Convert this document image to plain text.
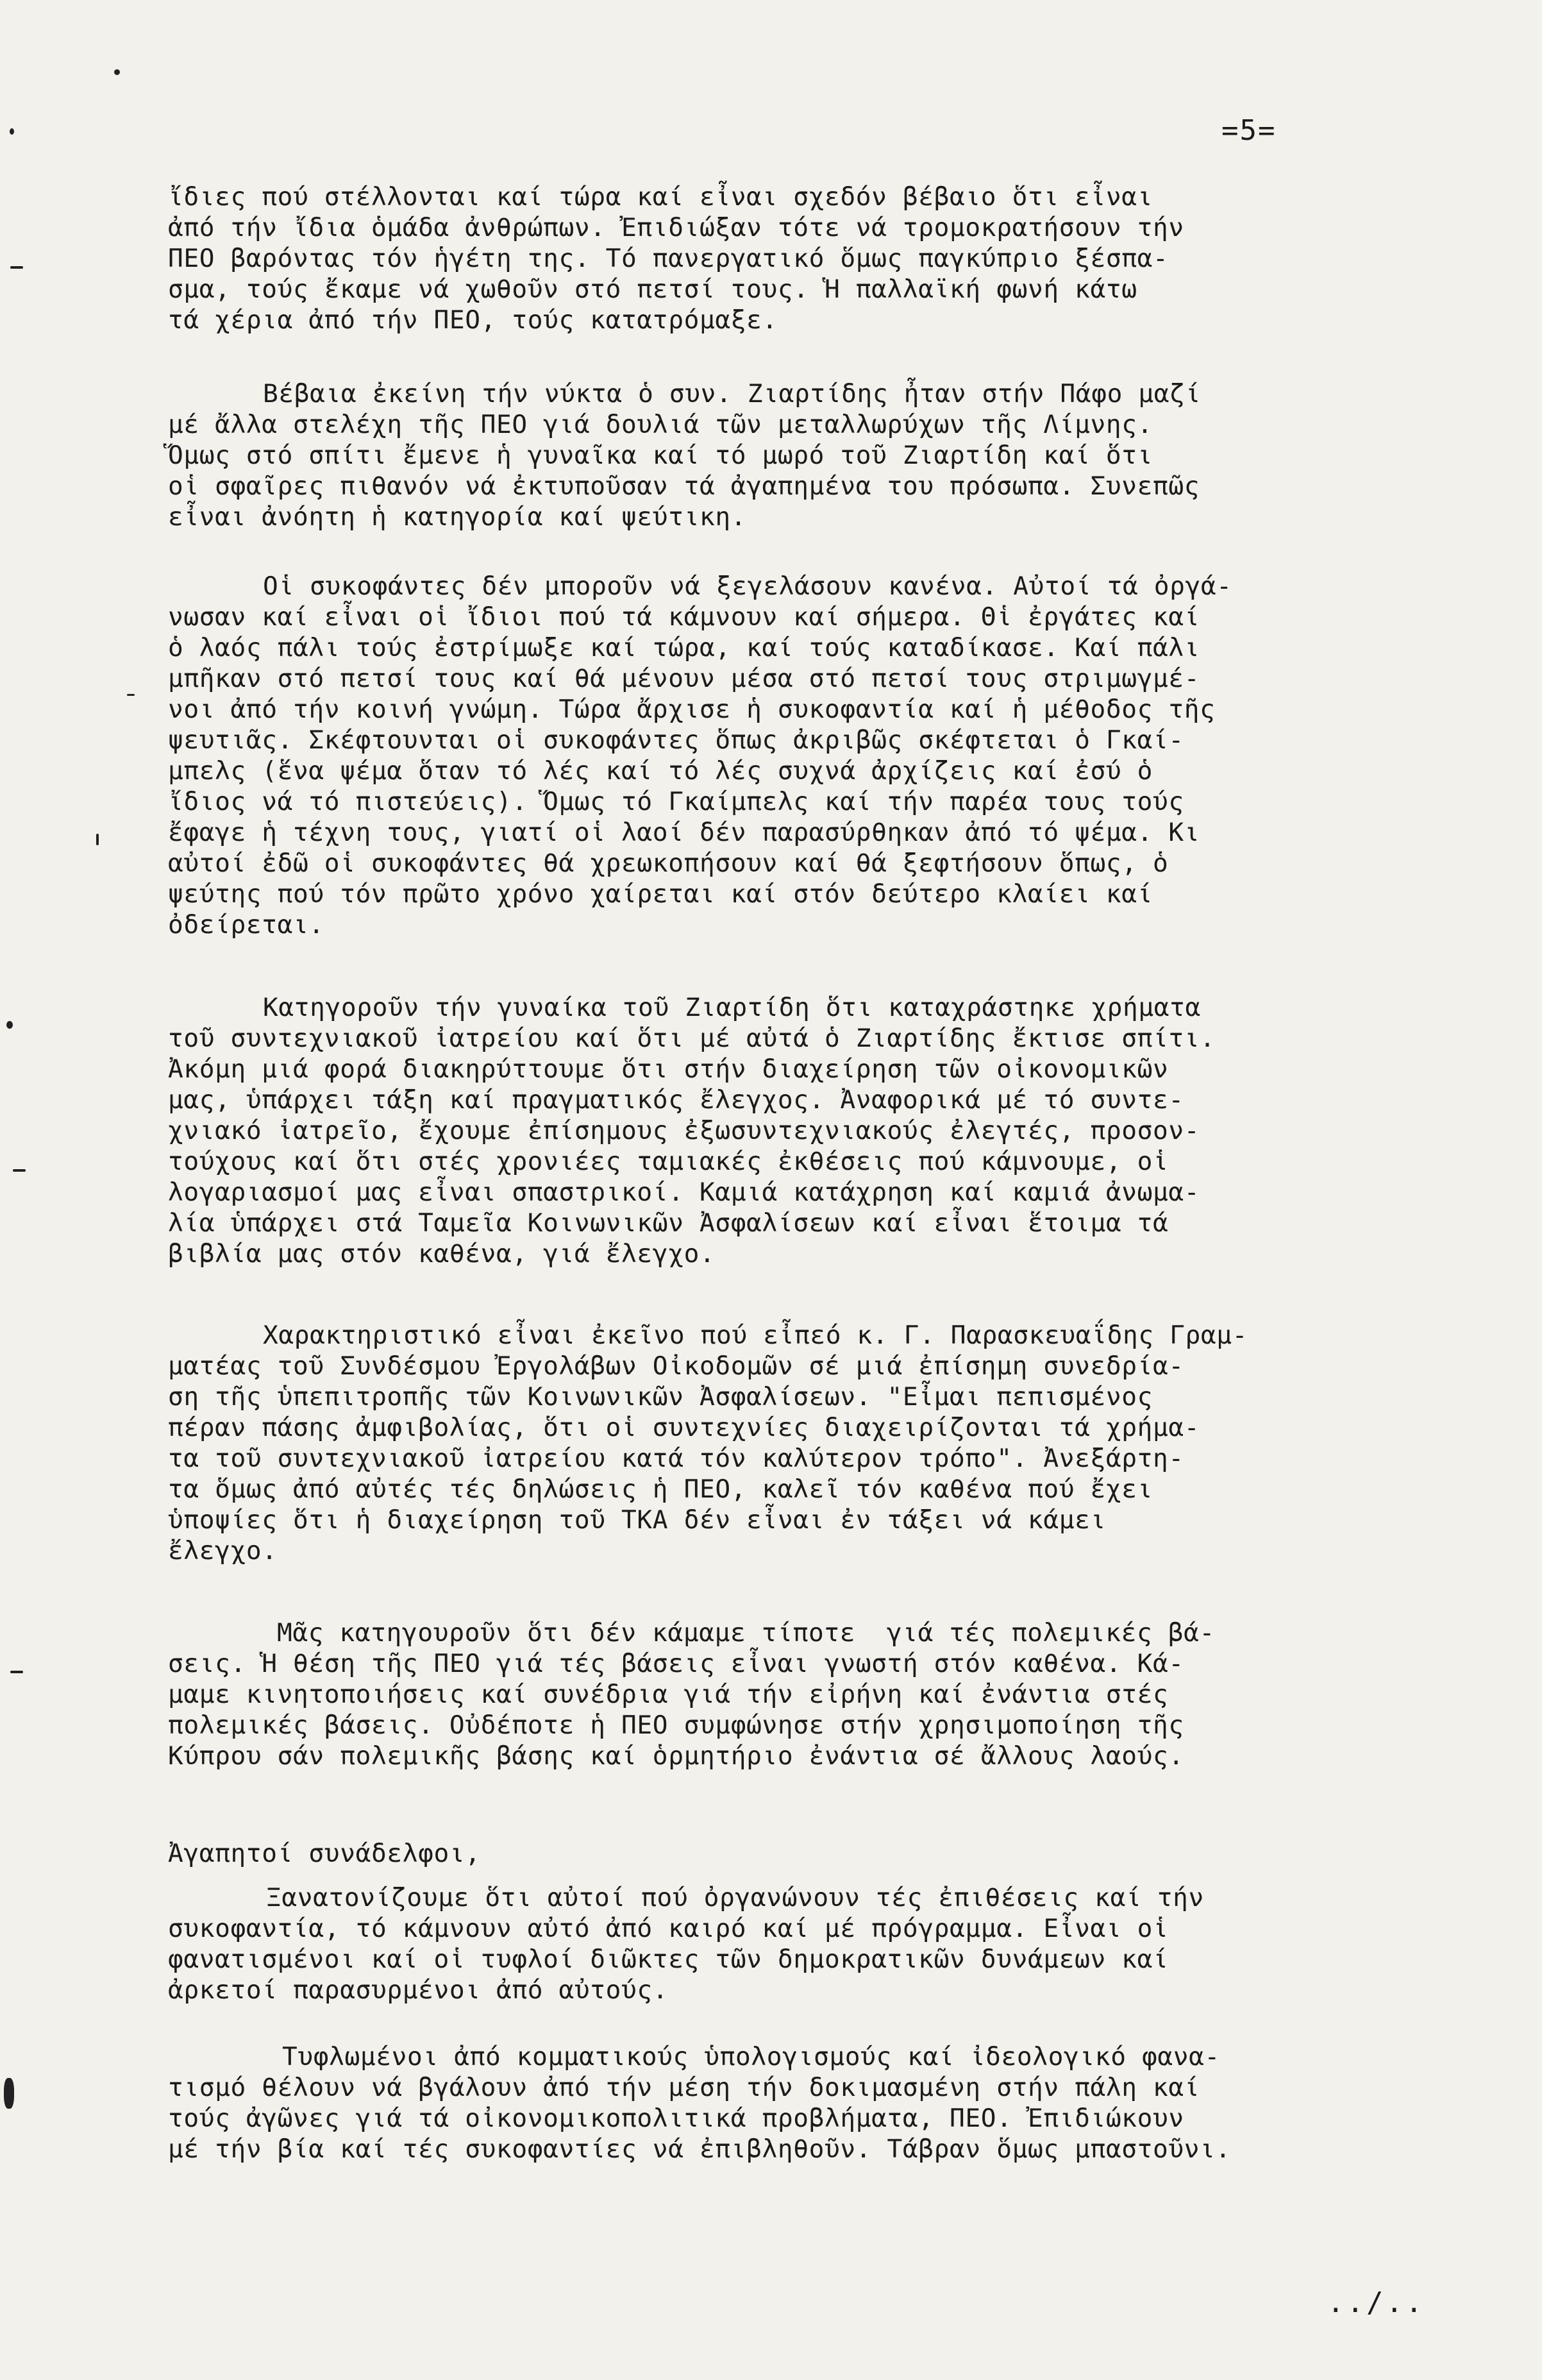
=5=
ἴδιες πού στέλλονται καί τώρα καί εἶναι σχεδόν βέβαιο ὅτι εἶναι
ἀπό τήν ἴδια ὁμάδα ἀνθρώπων. Ἐπιδιώξαν τότε νά τρομοκρατήσουν τήν
ΠΕΟ βαρόντας τόν ἡγέτη της. Τό πανεργατικό ὅμως παγκύπριο ξέσπα-
σμα, τούς ἔκαμε νά χωθοῦν στό πετσί τους. Ἡ παλλαϊκή φωνή κάτω
τά χέρια ἀπό τήν ΠΕΟ, τούς κατατρόμαξε.
Βέβαια ἐκείνη τήν νύκτα ὁ συν. Ζιαρτίδης ἦταν στήν Πάφο μαζί
μέ ἄλλα στελέχη τῆς ΠΕΟ γιά δουλιά τῶν μεταλλωρύχων τῆς Λίμνης.
Ὅμως στό σπίτι ἔμενε ἡ γυναῖκα καί τό μωρό τοῦ Ζιαρτίδη καί ὅτι
οἱ σφαῖρες πιθανόν νά ἐκτυποῦσαν τά ἀγαπημένα του πρόσωπα. Συνεπῶς
εἶναι ἀνόητη ἡ κατηγορία καί ψεύτικη.
Οἱ συκοφάντες δέν μποροῦν νά ξεγελάσουν κανένα. Αὐτοί τά ὀργά-
νωσαν καί εἶναι οἱ ἴδιοι πού τά κάμνουν καί σήμερα. Θἱ ἐργάτες καί
ὁ λαός πάλι τούς ἐστρίμωξε καί τώρα, καί τούς καταδίκασε. Καί πάλι
μπῆκαν στό πετσί τους καί θά μένουν μέσα στό πετσί τους στριμωγμέ-
νοι ἀπό τήν κοινή γνώμη. Τώρα ἄρχισε ἡ συκοφαντία καί ἡ μέθοδος τῆς
ψευτιᾶς. Σκέφτουνται οἱ συκοφάντες ὅπως ἀκριβῶς σκέφτεται ὁ Γκαί-
μπελς (ἕνα ψέμα ὅταν τό λές καί τό λές συχνά ἀρχίζεις καί ἐσύ ὁ
ἴδιος νά τό πιστεύεις). Ὅμως τό Γκαίμπελς καί τήν παρέα τους τούς
ἔφαγε ἡ τέχνη τους, γιατί οἱ λαοί δέν παρασύρθηκαν ἀπό τό ψέμα. Κι
αὐτοί ἐδῶ οἱ συκοφάντες θά χρεωκοπήσουν καί θά ξεφτήσουν ὅπως, ὁ
ψεύτης πού τόν πρῶτο χρόνο χαίρεται καί στόν δεύτερο κλαίει καί
ὀδείρεται.
Κατηγοροῦν τήν γυναίκα τοῦ Ζιαρτίδη ὅτι καταχράστηκε χρήματα
τοῦ συντεχνιακοῦ ἰατρείου καί ὅτι μέ αὐτά ὁ Ζιαρτίδης ἔκτισε σπίτι.
Ἀκόμη μιά φορά διακηρύττουμε ὅτι στήν διαχείρηση τῶν οἰκονομικῶν
μας, ὑπάρχει τάξη καί πραγματικός ἔλεγχος. Ἀναφορικά μέ τό συντε-
χνιακό ἰατρεῖο, ἔχουμε ἐπίσημους ἐξωσυντεχνιακούς ἐλεγτές, προσον-
τούχους καί ὅτι στές χρονιέες ταμιακές ἐκθέσεις πού κάμνουμε, οἱ
λογαριασμοί μας εἶναι σπαστρικοί. Καμιά κατάχρηση καί καμιά ἀνωμα-
λία ὑπάρχει στά Ταμεῖα Κοινωνικῶν Ἀσφαλίσεων καί εἶναι ἕτοιμα τά
βιβλία μας στόν καθένα, γιά ἔλεγχο.
Χαρακτηριστικό εἶναι ἐκεῖνο πού εἶπεό κ. Γ. Παρασκευαΐδης Γραμ-
ματέας τοῦ Συνδέσμου Ἐργολάβων Οἰκοδομῶν σέ μιά ἐπίσημη συνεδρία-
ση τῆς ὑπεπιτροπῆς τῶν Κοινωνικῶν Ἀσφαλίσεων. "Εἶμαι πεπισμένος
πέραν πάσης ἀμφιβολίας, ὅτι οἱ συντεχνίες διαχειρίζονται τά χρήμα-
τα τοῦ συντεχνιακοῦ ἰατρείου κατά τόν καλύτερον τρόπο". Ἀνεξάρτη-
τα ὅμως ἀπό αὐτές τές δηλώσεις ἡ ΠΕΟ, καλεῖ τόν καθένα πού ἔχει
ὑποψίες ὅτι ἡ διαχείρηση τοῦ ΤΚΑ δέν εἶναι ἐν τάξει νά κάμει
ἔλεγχο.
Μᾶς κατηγουροῦν ὅτι δέν κάμαμε τίποτε  γιά τές πολεμικές βά-
σεις. Ἡ θέση τῆς ΠΕΟ γιά τές βάσεις εἶναι γνωστή στόν καθένα. Κά-
μαμε κινητοποιήσεις καί συνέδρια γιά τήν εἰρήνη καί ἐνάντια στές
πολεμικές βάσεις. Οὐδέποτε ἡ ΠΕΟ συμφώνησε στήν χρησιμοποίηση τῆς
Κύπρου σάν πολεμικῆς βάσης καί ὁρμητήριο ἐνάντια σέ ἄλλους λαούς.
Ἀγαπητοί συνάδελφοι,
Ξανατονίζουμε ὅτι αὐτοί πού ὀργανώνουν τές ἐπιθέσεις καί τήν
συκοφαντία, τό κάμνουν αὐτό ἀπό καιρό καί μέ πρόγραμμα. Εἶναι οἱ
φανατισμένοι καί οἱ τυφλοί διῶκτες τῶν δημοκρατικῶν δυνάμεων καί
ἀρκετοί παρασυρμένοι ἀπό αὐτούς.
Τυφλωμένοι ἀπό κομματικούς ὑπολογισμούς καί ἰδεολογικό φανα-
τισμό θέλουν νά βγάλουν ἀπό τήν μέση τήν δοκιμασμένη στήν πάλη καί
τούς ἀγῶνες γιά τά οἰκονομικοπολιτικά προβλήματα, ΠΕΟ. Ἐπιδιώκουν
μέ τήν βία καί τές συκοφαντίες νά ἐπιβληθοῦν. Τάβραν ὅμως μπαστοῦνι.
../..
